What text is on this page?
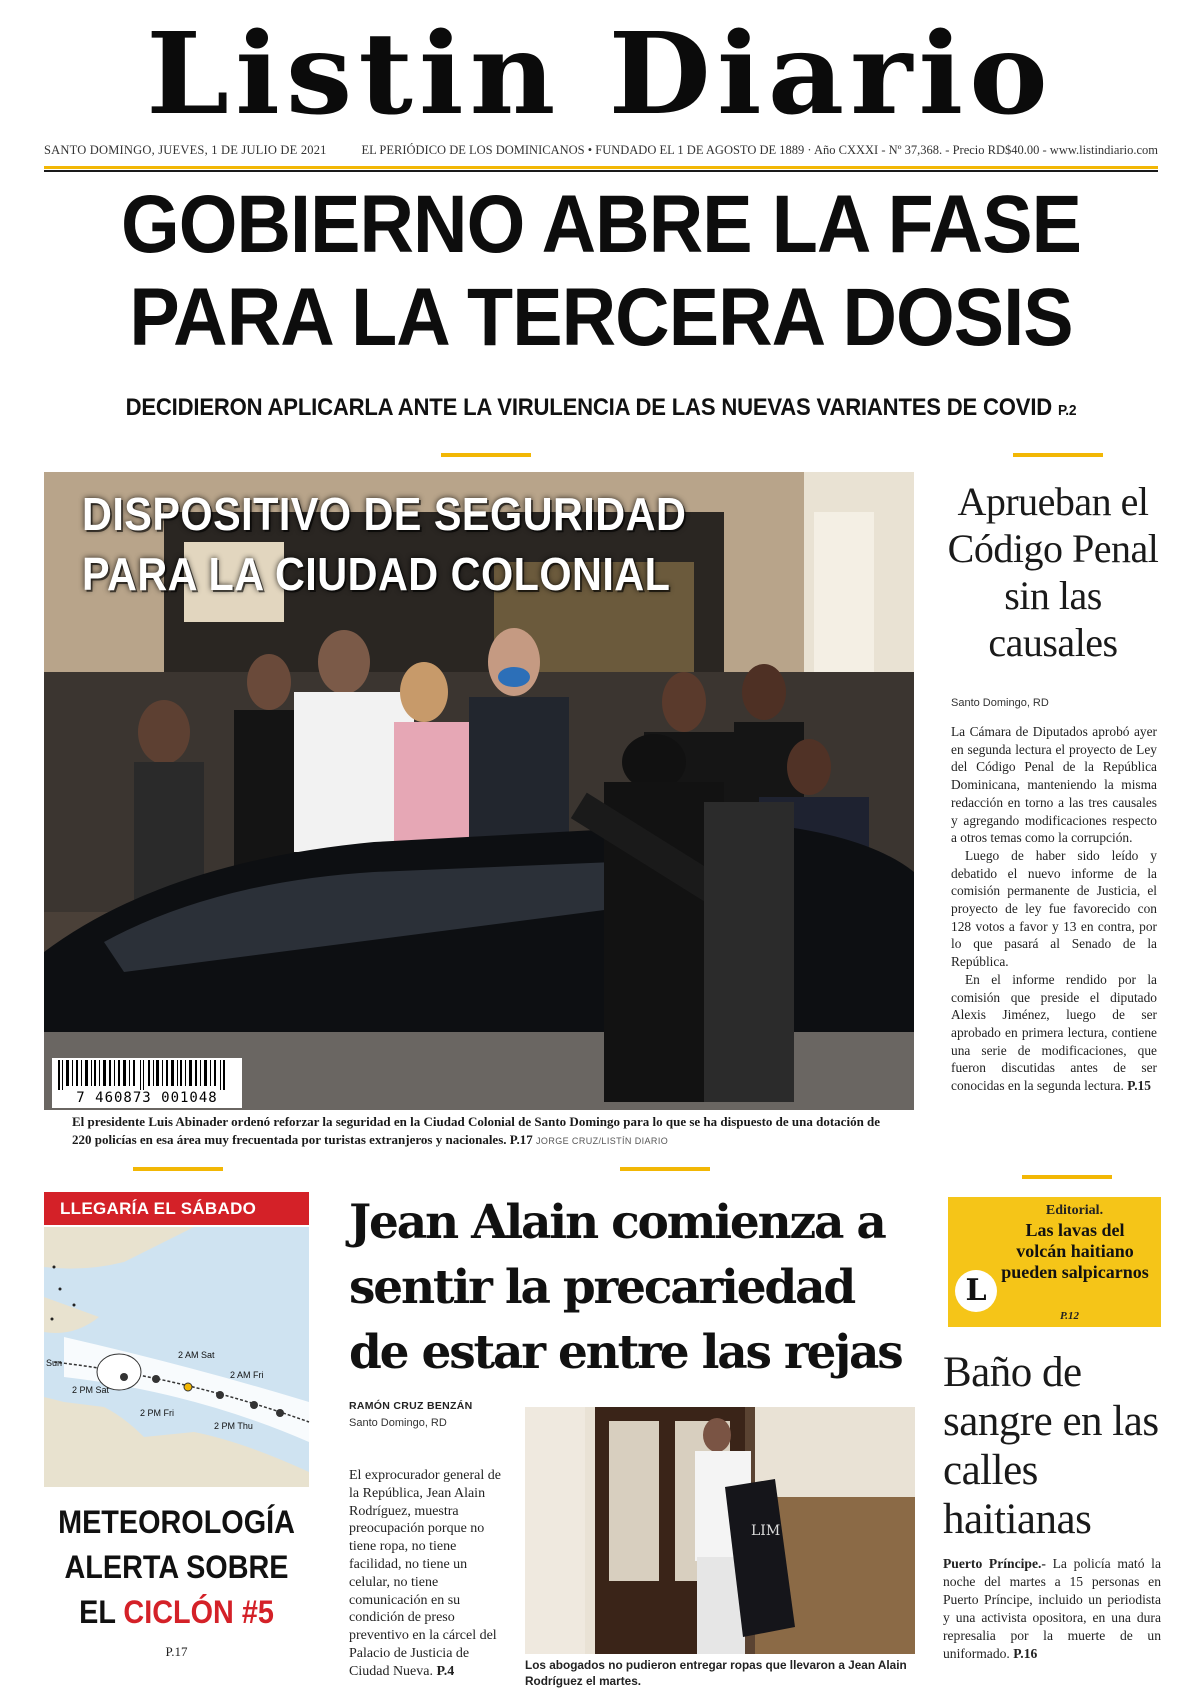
Listin Diario
SANTO DOMINGO, JUEVES, 1 DE JULIO DE 2021	EL PERIÓDICO DE LOS DOMINICANOS • FUNDADO EL 1 DE AGOSTO DE 1889 · Año CXXXI - Nº 37,368. - Precio RD$40.00 - www.listindiario.com
GOBIERNO ABRE LA FASE
PARA LA TERCERA DOSIS
DECIDIERON APLICARLA ANTE LA VIRULENCIA DE LAS NUEVAS VARIANTES DE COVID P.2
DISPOSITIVO DE SEGURIDAD
PARA LA CIUDAD COLONIAL
7 460873 001048
El presidente Luis Abinader ordenó reforzar la seguridad en la Ciudad Colonial de Santo Domingo para lo que se ha dispuesto de una dotación de 220 policías en esa área muy frecuentada por turistas extranjeros y nacionales. P.17 JORGE CRUZ/LISTÍN DIARIO
Aprueban el Código Penal sin las causales
Santo Domingo, RD

La Cámara de Diputados aprobó ayer en segunda lectura el proyecto de Ley del Código Penal de la República Dominicana, manteniendo la misma redacción en torno a las tres causales y agregando modificaciones respecto a otros temas como la corrupción.

Luego de haber sido leído y debatido el nuevo informe de la comisión permanente de Justicia, el proyecto de ley fue favorecido con 128 votos a favor y 13 en contra, por lo que pasará al Senado de la República.

En el informe rendido por la comisión que preside el diputado Alexis Jiménez, luego de ser aprobado en primera lectura, contiene una serie de modificaciones, que fueron discutidas antes de ser conocidas en la segunda lectura. P.15

LLEGARÍA EL SÁBADO
2 AM Sat
2 AM Fri
2 PM Sat
2 PM Fri
2 PM Thu
Sun
METEOROLOGÍA
ALERTA SOBRE
EL CICLÓN #5
P.17
Jean Alain comienza a sentir la precariedad de estar entre las rejas
RAMÓN CRUZ BENZÁN
Santo Domingo, RD
El exprocurador general de la República, Jean Alain Rodríguez, muestra preocupación porque no tiene ropa, no tiene facilidad, no tiene un celular, no tiene comunicación en su condición de preso preventivo en la cárcel del Palacio de Justicia de Ciudad Nueva. P.4
LIM
Los abogados no pudieron entregar ropas que llevaron a Jean Alain Rodríguez el martes.
Editorial.
Las lavas del volcán haitiano pueden salpicarnos
L
P.12
Baño de sangre en las calles haitianas
Puerto Príncipe.- La policía mató la noche del martes a 15 personas en Puerto Príncipe, incluido un periodista y una activista opositora, en una dura represalia por la muerte de un uniformado. P.16
